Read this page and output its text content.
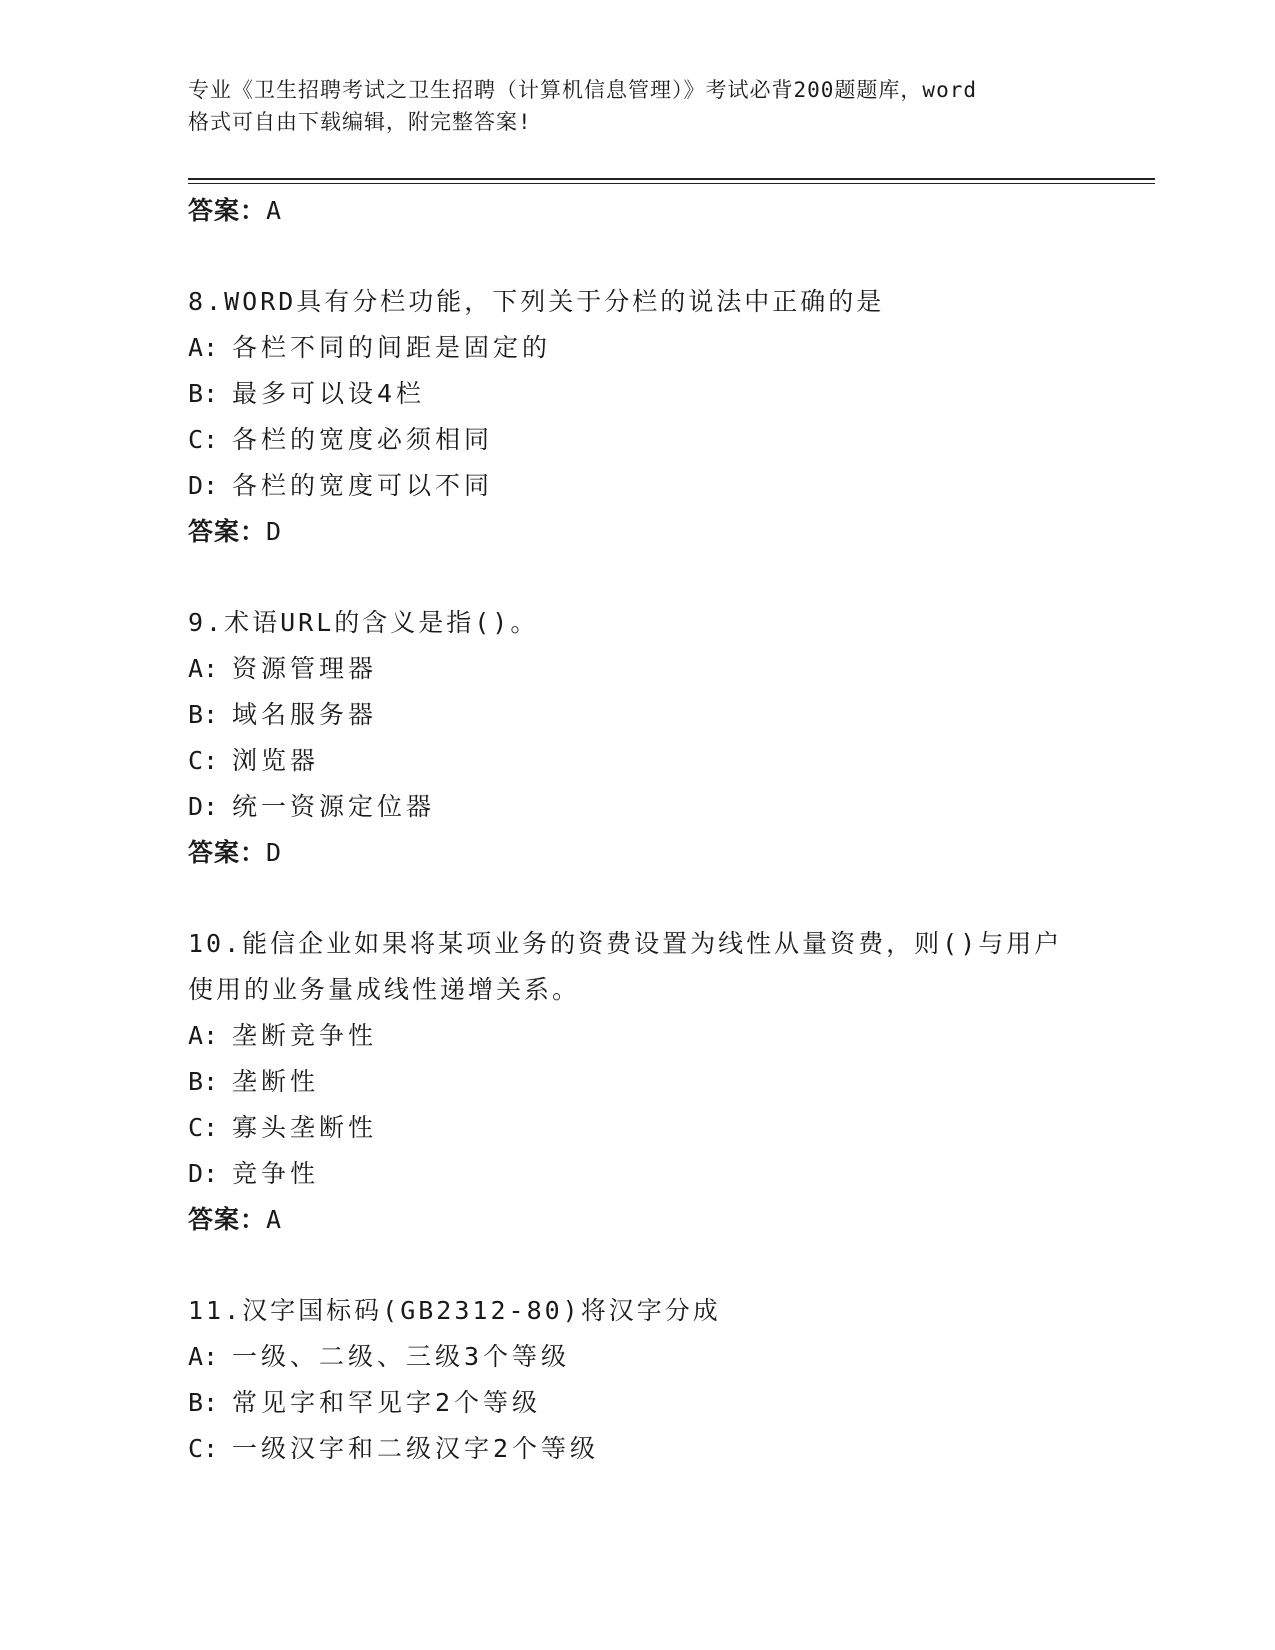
专业《卫生招聘考试之卫生招聘（计算机信息管理）》考试必背200题题库，word
格式可自由下载编辑，附完整答案!
答案：A
8.WORD具有分栏功能，下列关于分栏的说法中正确的是
A: 各栏不同的间距是固定的
B: 最多可以设4栏
C: 各栏的宽度必须相同
D: 各栏的宽度可以不同
答案：D
9.术语URL的含义是指()。
A: 资源管理器
B: 域名服务器
C: 浏览器
D: 统一资源定位器
答案：D
10.能信企业如果将某项业务的资费设置为线性从量资费，则()与用户使用的业务量成线性递增关系。
A: 垄断竞争性
B: 垄断性
C: 寡头垄断性
D: 竞争性
答案：A
11.汉字国标码(GB2312-80)将汉字分成
A: 一级、二级、三级3个等级
B: 常见字和罕见字2个等级
C: 一级汉字和二级汉字2个等级
